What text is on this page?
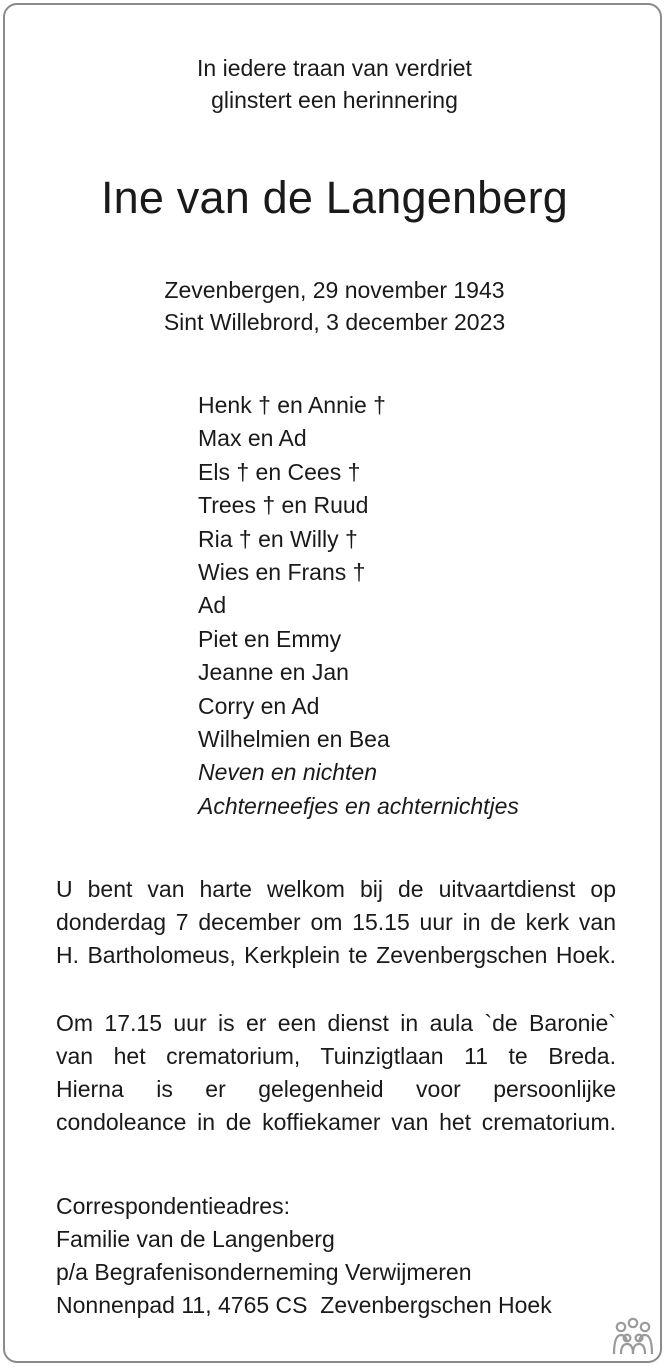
In iedere traan van verdriet
glinstert een herinnering
Ine van de Langenberg
Zevenbergen, 29 november 1943
Sint Willebrord, 3 december 2023
Henk † en Annie †
Max en Ad
Els † en Cees †
Trees † en Ruud
Ria † en Willy †
Wies en Frans †
Ad
Piet en Emmy
Jeanne en Jan
Corry en Ad
Wilhelmien en Bea
Neven en nichten
Achterneefjes en achternichtjes
U bent van harte welkom bij de uitvaartdienst op
donderdag 7 december om 15.15 uur in de kerk van
H. Bartholomeus, Kerkplein te Zevenbergschen Hoek.
Om 17.15 uur is er een dienst in aula `de Baronie`
van het crematorium, Tuinzigtlaan 11 te Breda.
Hierna is er gelegenheid voor persoonlijke
condoleance in de koffiekamer van het crematorium.
Correspondentieadres:
Familie van de Langenberg
p/a Begrafenisonderneming Verwijmeren
Nonnenpad 11, 4765 CS  Zevenbergschen Hoek
